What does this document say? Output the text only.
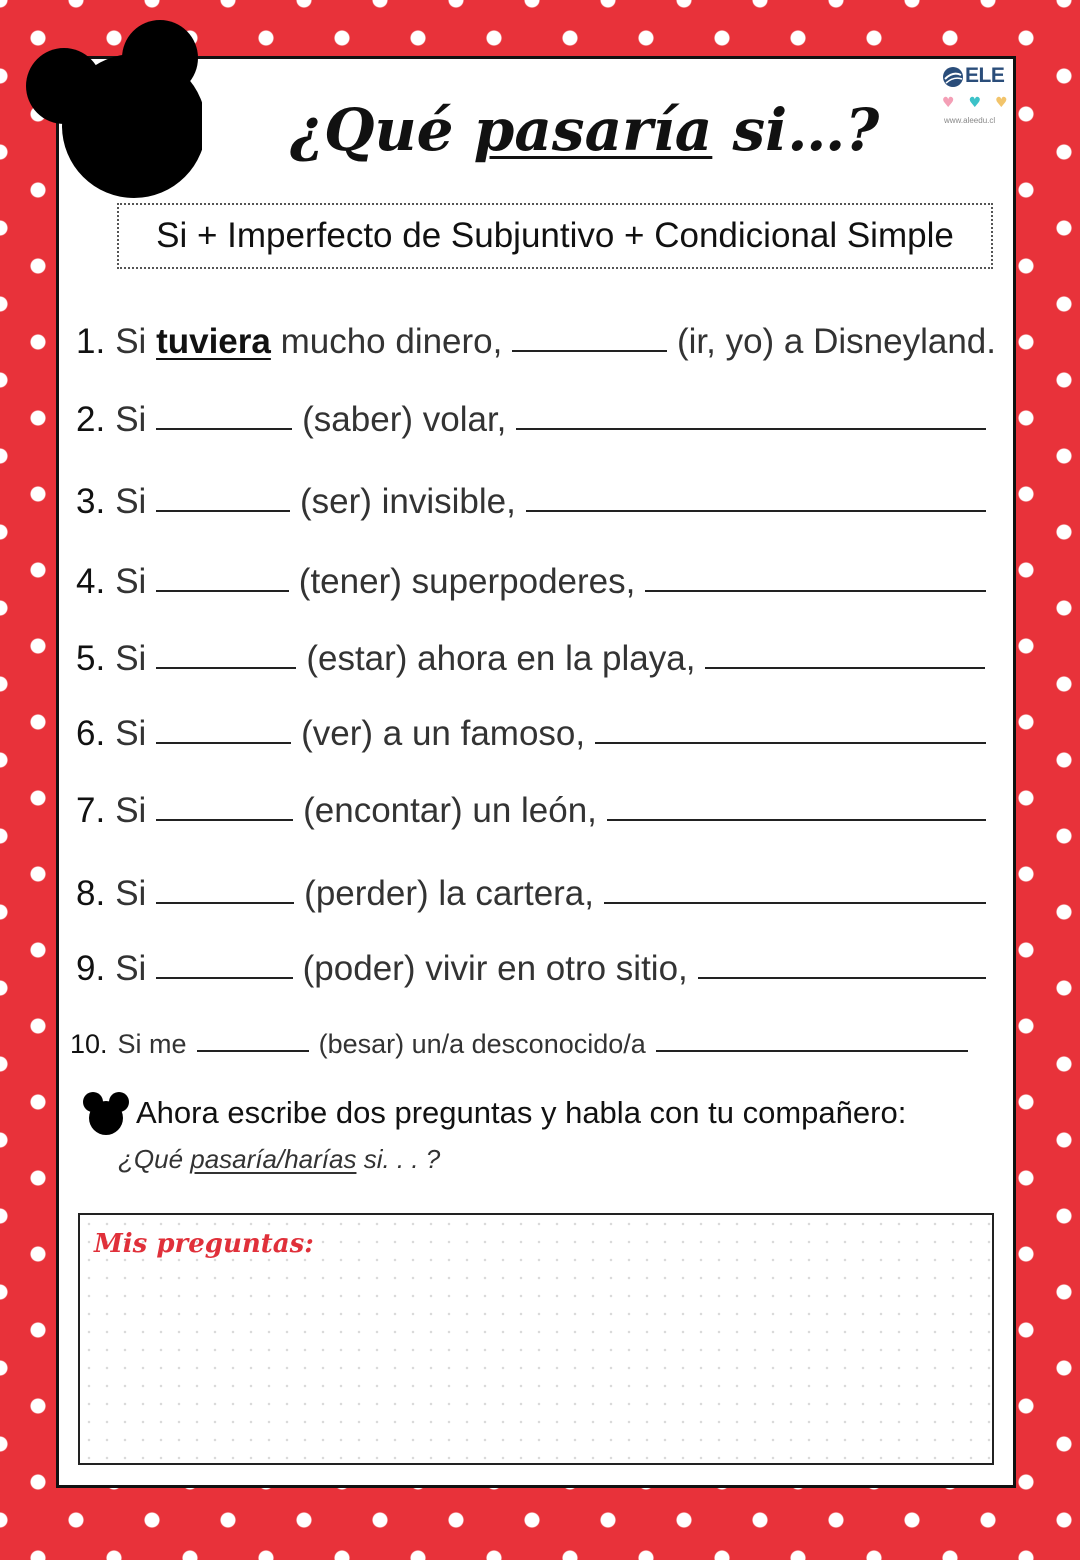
ELE
♥♥♥
www.aleedu.cl
¿Qué pasaría si…?
Si + Imperfecto de Subjuntivo + Condicional Simple
1. Si
tuviera
mucho dinero,	(ir, yo) a Disneyland.
2. Si	(saber) volar,
3. Si	(ser) invisible,
4. Si	(tener) superpoderes,
5. Si	(estar) ahora en la playa,
6. Si	(ver) a un famoso,
7. Si	(encontar) un león,
8. Si	(perder) la cartera,
9. Si	(poder) vivir en otro sitio,
10. Si me	(besar) un/a desconocido/a
Ahora escribe dos preguntas y habla con tu compañero:
¿Qué pasaría/harías si. . . ?
Mis preguntas:
